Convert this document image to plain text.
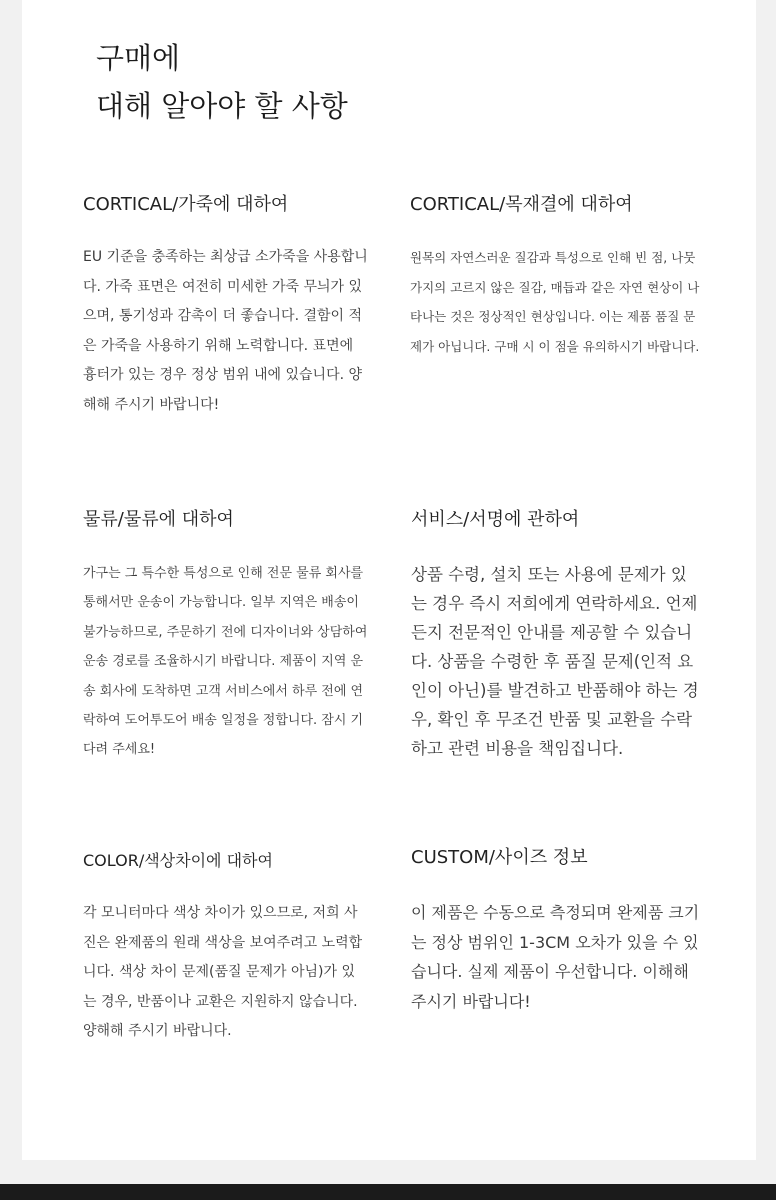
구매에
대해 알아야 할 사항
CORTICAL/가죽에 대하여

EU 기준을 충족하는 최상급 소가죽을 사용합니다. 가죽 표면은 여전히 미세한 가죽 무늬가 있으며, 통기성과 감촉이 더 좋습니다. 결함이 적은 가죽을 사용하기 위해 노력합니다. 표면에 흉터가 있는 경우 정상 범위 내에 있습니다. 양해해 주시기 바랍니다!

CORTICAL/목재결에 대하여

원목의 자연스러운 질감과 특성으로 인해 빈 점, 나뭇가지의 고르지 않은 질감, 매듭과 같은 자연 현상이 나타나는 것은 정상적인 현상입니다. 이는 제품 품질 문제가 아닙니다. 구매 시 이 점을 유의하시기 바랍니다.

물류/물류에 대하여

가구는 그 특수한 특성으로 인해 전문 물류 회사를 통해서만 운송이 가능합니다. 일부 지역은 배송이 불가능하므로, 주문하기 전에 디자이너와 상담하여 운송 경로를 조율하시기 바랍니다. 제품이 지역 운송 회사에 도착하면 고객 서비스에서 하루 전에 연락하여 도어투도어 배송 일정을 정합니다. 잠시 기다려 주세요!

서비스/서명에 관하여

상품 수령, 설치 또는 사용에 문제가 있는 경우 즉시 저희에게 연락하세요. 언제든지 전문적인 안내를 제공할 수 있습니다. 상품을 수령한 후 품질 문제(인적 요인이 아닌)를 발견하고 반품해야 하는 경우, 확인 후 무조건 반품 및 교환을 수락하고 관련 비용을 책임집니다.

COLOR/색상차이에 대하여

각 모니터마다 색상 차이가 있으므로, 저희 사진은 완제품의 원래 색상을 보여주려고 노력합니다. 색상 차이 문제(품질 문제가 아님)가 있는 경우, 반품이나 교환은 지원하지 않습니다. 양해해 주시기 바랍니다.

CUSTOM/사이즈 정보

이 제품은 수동으로 측정되며 완제품 크기는 정상 범위인 1-3CM 오차가 있을 수 있습니다. 실제 제품이 우선합니다. 이해해 주시기 바랍니다!
